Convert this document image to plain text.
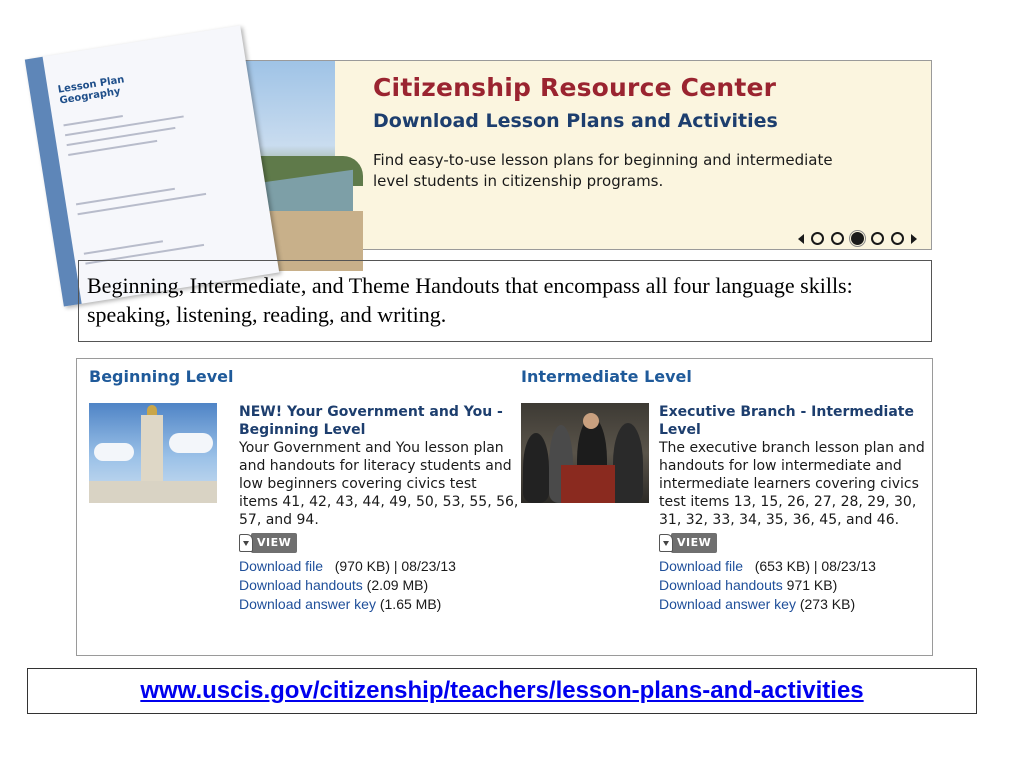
Lesson Plan
Geography	Citizenship Resource Center
Download Lesson Plans and Activities
Find easy-to-use lesson plans for beginning and intermediate level students in citizenship programs.
Beginning, Intermediate, and Theme Handouts that encompass all four language skills: speaking, listening, reading, and writing.
Beginning Level
NEW! Your Government and You - Beginning Level
Your Government and You lesson plan and handouts for literacy students and low beginners covering civics test items 41, 42, 43, 44, 49, 50, 53, 55, 56, 57, and 94.
VIEW
Download file (970 KB) | 08/23/13
Download handouts (2.09 MB)
Download answer key (1.65 MB)
Intermediate Level
Executive Branch - Intermediate Level
The executive branch lesson plan and handouts for low intermediate and intermediate learners covering civics test items 13, 15, 26, 27, 28, 29, 30, 31, 32, 33, 34, 35, 36, 45, and 46.
VIEW
Download file (653 KB) | 08/23/13
Download handouts 971 KB)
Download answer key (273 KB)
www.uscis.gov/citizenship/teachers/lesson-plans-and-activities
